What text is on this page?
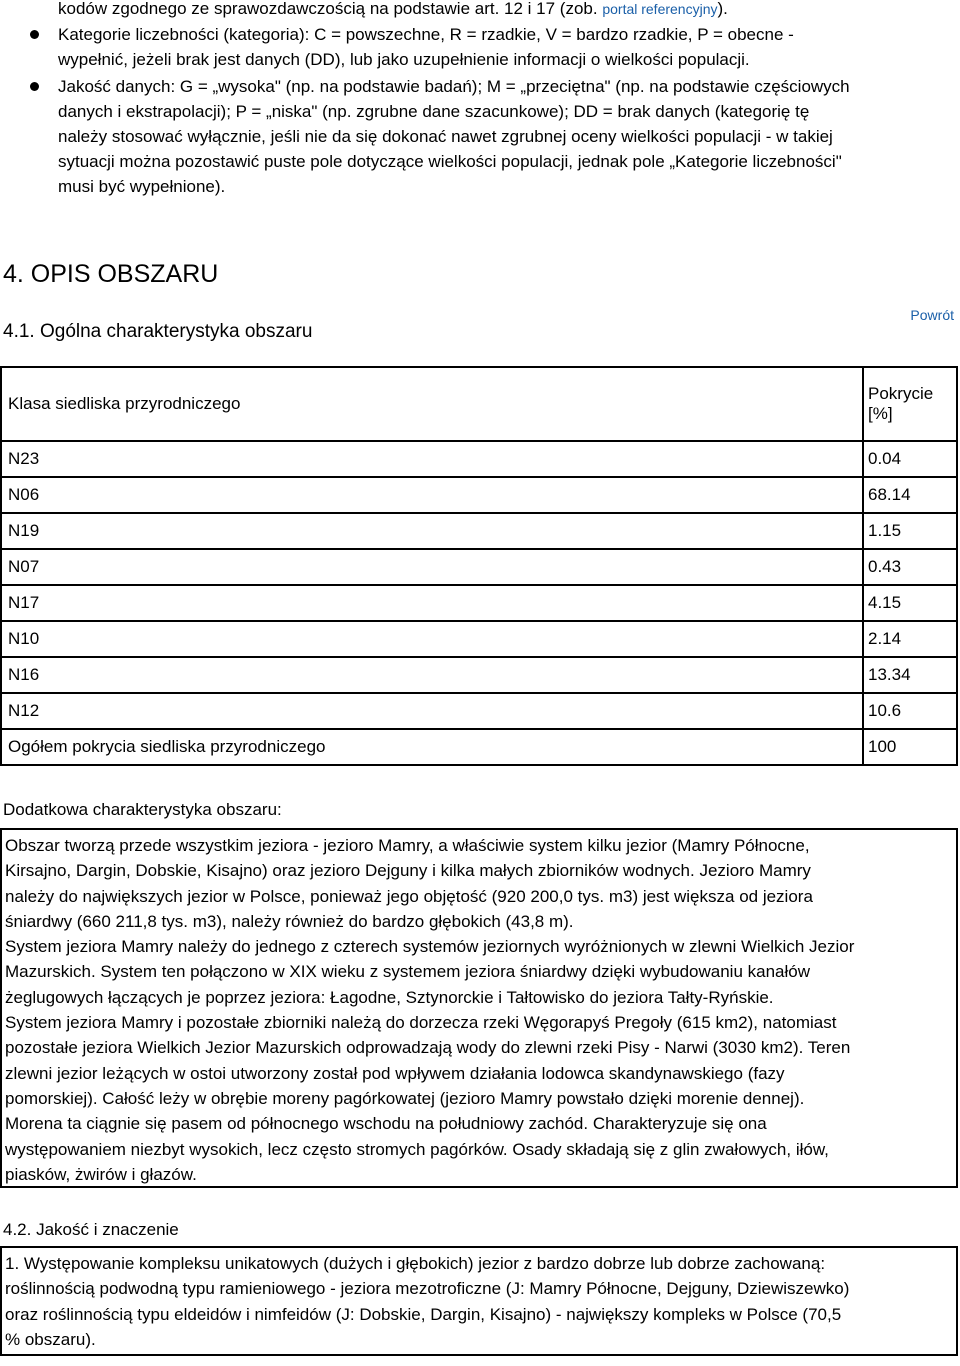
kodów zgodnego ze sprawozdawczością na podstawie art. 12 i 17 (zob. portal referencyjny).
Kategorie liczebności (kategoria): C = powszechne, R = rzadkie, V = bardzo rzadkie, P = obecne -
wypełnić, jeżeli brak jest danych (DD), lub jako uzupełnienie informacji o wielkości populacji.
Jakość danych: G = „wysoka" (np. na podstawie badań); M = „przeciętna" (np. na podstawie częściowych
danych i ekstrapolacji); P = „niska" (np. zgrubne dane szacunkowe); DD = brak danych (kategorię tę
należy stosować wyłącznie, jeśli nie da się dokonać nawet zgrubnej oceny wielkości populacji - w takiej
sytuacji można pozostawić puste pole dotyczące wielkości populacji, jednak pole „Kategorie liczebności"
musi być wypełnione).
4. OPIS OBSZARU
Powrót
4.1. Ogólna charakterystyka obszaru
Klasa siedliska przyrodniczego	Pokrycie
[%]
N23	0.04
N06	68.14
N19	1.15
N07	0.43
N17	4.15
N10	2.14
N16	13.34
N12	10.6
Ogółem pokrycia siedliska przyrodniczego	100
Dodatkowa charakterystyka obszaru:

Obszar tworzą przede wszystkim jeziora - jezioro Mamry, a właściwie system kilku jezior (Mamry Północne,

Kirsajno, Dargin, Dobskie, Kisajno) oraz jezioro Dejguny i kilka małych zbiorników wodnych. Jezioro Mamry

należy do największych jezior w Polsce, ponieważ jego objętość (920 200,0 tys. m3) jest większa od jeziora

śniardwy (660 211,8 tys. m3), należy również do bardzo głębokich (43,8 m).

System jeziora Mamry należy do jednego z czterech systemów jeziornych wyróżnionych w zlewni Wielkich Jezior

Mazurskich. System ten połączono w XIX wieku z systemem jeziora śniardwy dzięki wybudowaniu kanałów

żeglugowych łączących je poprzez jeziora: Łagodne, Sztynorckie i Tałtowisko do jeziora Tałty-Ryńskie.

System jeziora Mamry i pozostałe zbiorniki należą do dorzecza rzeki Węgorapyś Pregoły (615 km2), natomiast

pozostałe jeziora Wielkich Jezior Mazurskich odprowadzają wody do zlewni rzeki Pisy - Narwi (3030 km2). Teren

zlewni jezior leżących w ostoi utworzony został pod wpływem działania lodowca skandynawskiego (fazy

pomorskiej). Całość leży w obrębie moreny pagórkowatej (jezioro Mamry powstało dzięki morenie dennej).

Morena ta ciągnie się pasem od północnego wschodu na południowy zachód. Charakteryzuje się ona

występowaniem niezbyt wysokich, lecz często stromych pagórków. Osady składają się z glin zwałowych, iłów,

piasków, żwirów i głazów.

4.2. Jakość i znaczenie

1. Występowanie kompleksu unikatowych (dużych i głębokich) jezior z bardzo dobrze lub dobrze zachowaną:

roślinnością podwodną typu ramieniowego - jeziora mezotroficzne (J: Mamry Północne, Dejguny, Dziewiszewko)

oraz roślinnością typu eldeidów i nimfeidów (J: Dobskie, Dargin, Kisajno) - największy kompleks w Polsce (70,5

% obszaru).
